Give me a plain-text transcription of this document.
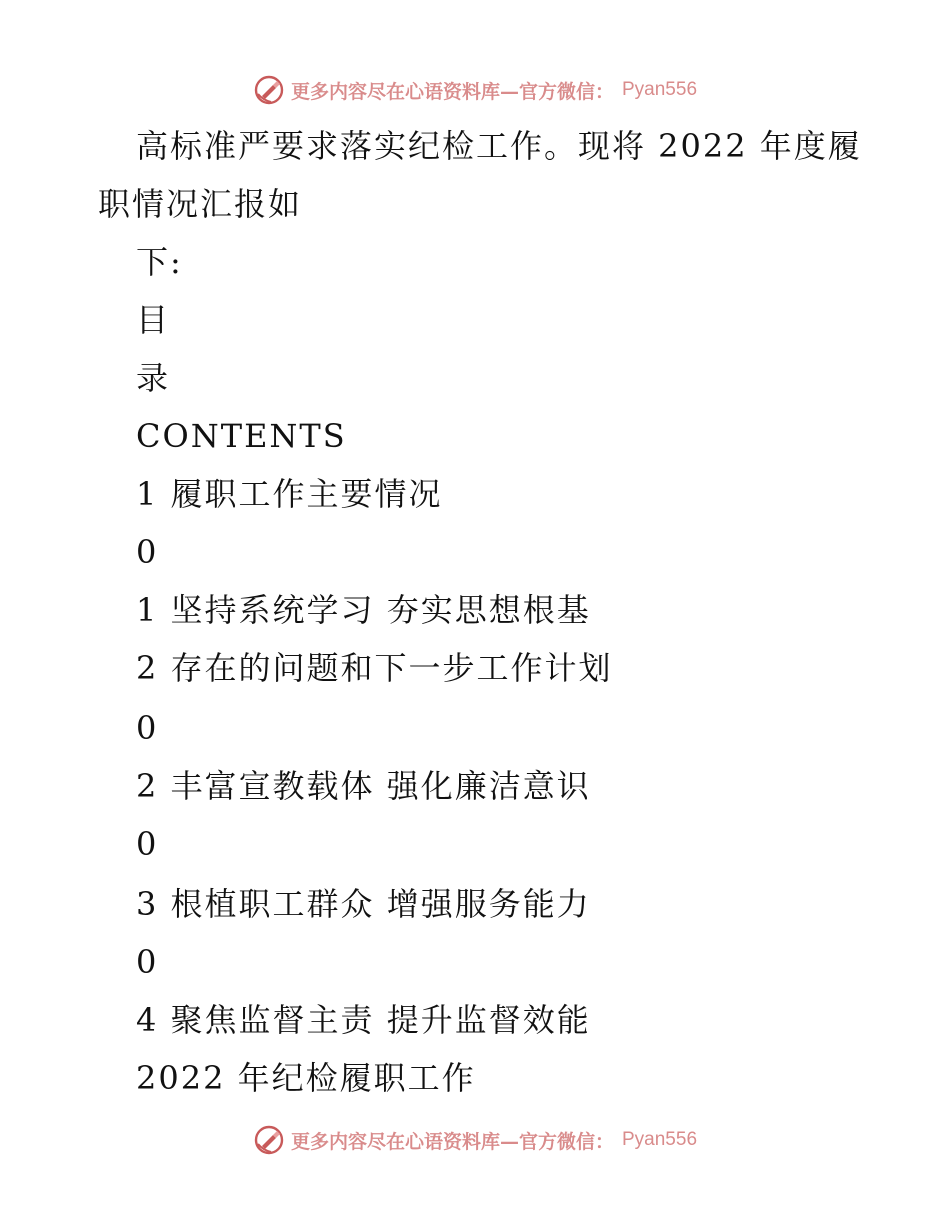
更多内容尽在心语资料库—官方微信： Pyan556
高标准严要求落实纪检工作。现将 2022 年度履
职情况汇报如
下:
目
录
CONTENTS
1 履职工作主要情况
0
1 坚持系统学习 夯实思想根基
2 存在的问题和下一步工作计划
0
2 丰富宣教载体 强化廉洁意识
0
3 根植职工群众 增强服务能力
0
4 聚焦监督主责 提升监督效能
2022 年纪检履职工作
更多内容尽在心语资料库—官方微信： Pyan556
